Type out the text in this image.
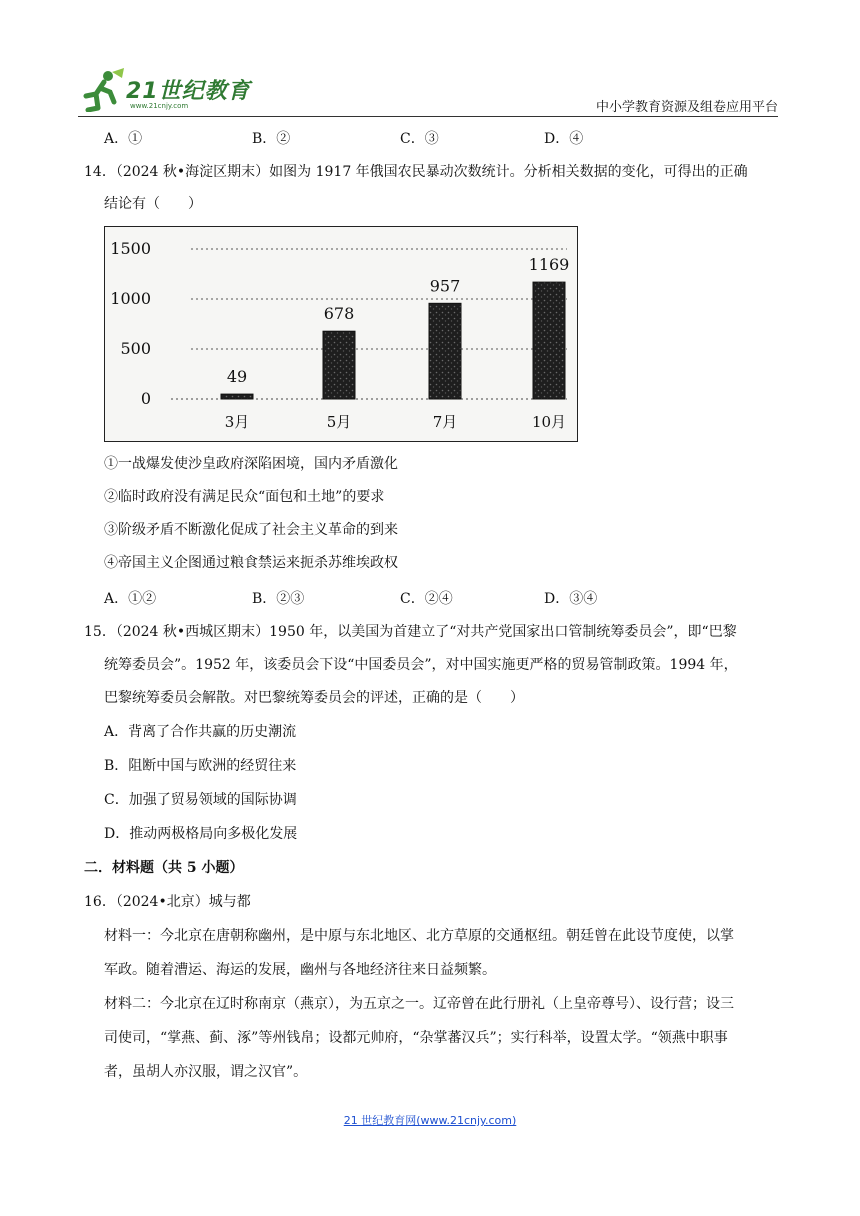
21世纪教育
www.21cnjy.com	中小学教育资源及组卷应用平台
A．①	B．②	C．③	D．④
14．（2024 秋•海淀区期末）如图为 1917 年俄国农民暴动次数统计。分析相关数据的变化，可得出的正确
结论有（　　）
1500
1000
500
0
49
3月
678
5月
957
7月
1169
10月
①一战爆发使沙皇政府深陷困境，国内矛盾激化
②临时政府没有满足民众“面包和土地”的要求
③阶级矛盾不断激化促成了社会主义革命的到来
④帝国主义企图通过粮食禁运来扼杀苏维埃政权
A．①②	B．②③	C．②④	D．③④
15．（2024 秋•西城区期末）1950 年，以美国为首建立了“对共产党国家出口管制统筹委员会”，即“巴黎
统筹委员会”。1952 年，该委员会下设“中国委员会”，对中国实施更严格的贸易管制政策。1994 年，
巴黎统筹委员会解散。对巴黎统筹委员会的评述，正确的是（　　）
A．背离了合作共赢的历史潮流
B．阻断中国与欧洲的经贸往来
C．加强了贸易领域的国际协调
D．推动两极格局向多极化发展
二．材料题（共 5 小题）
16．（2024•北京）城与都
材料一：今北京在唐朝称幽州，是中原与东北地区、北方草原的交通枢纽。朝廷曾在此设节度使，以掌
军政。随着漕运、海运的发展，幽州与各地经济往来日益频繁。
材料二：今北京在辽时称南京（燕京），为五京之一。辽帝曾在此行册礼（上皇帝尊号）、设行营；设三
司使司，“掌燕、蓟、涿”等州钱帛；设都元帅府，“杂掌蕃汉兵”；实行科举，设置太学。“领燕中职事
者，虽胡人亦汉服，谓之汉官”。
21 世纪教育网(www.21cnjy.com)
